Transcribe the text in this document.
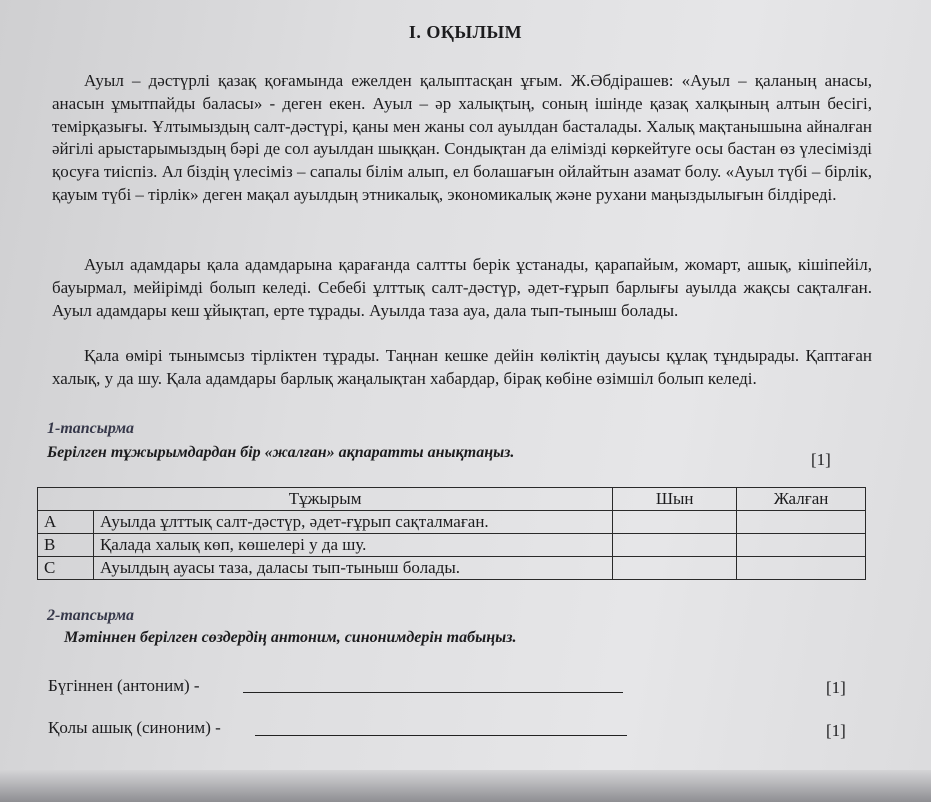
I. ОҚЫЛЫМ

Ауыл – дәстүрлі қазақ қоғамында ежелден қалыптасқан ұғым. Ж.Әбдірашев: «Ауыл – қаланың анасы, анасын ұмытпайды баласы» - деген екен. Ауыл – әр халықтың, соның ішінде қазақ халқының алтын бесігі, темірқазығы. Ұлтымыздың салт-дәстүрі, қаны мен жаны сол ауылдан басталады. Халық мақтанышына айналған әйгілі арыстарымыздың бәрі де сол ауылдан шыққан. Сондықтан да елімізді көркейтуге осы бастан өз үлесімізді қосуға тиіспіз. Ал біздің үлесіміз – сапалы білім алып, ел болашағын ойлайтын азамат болу. «Ауыл түбі – бірлік, қауым түбі – тірлік» деген мақал ауылдың этникалық, экономикалық және рухани маңыздылығын білдіреді.

Ауыл адамдары қала адамдарына қарағанда салтты берік ұстанады, қарапайым, жомарт, ашық, кішіпейіл, бауырмал, мейірімді болып келеді. Себебі ұлттық салт-дәстүр, әдет-ғұрып барлығы ауылда жақсы сақталған. Ауыл адамдары кеш ұйықтап, ерте тұрады. Ауылда таза ауа, дала тып-тыныш болады.

Қала өмірі тынымсыз тірліктен тұрады. Таңнан кешке дейін көліктің дауысы құлақ тұндырады. Қаптаған халық, у да шу. Қала адамдары барлық жаңалықтан хабардар, бірақ көбіне өзімшіл болып келеді.

1-тапсырма
Берілген тұжырымдардан бір «жалған» ақпаратты анықтаңыз.	[1]
Тұжырым		Шын	Жалған
A	Ауылда ұлттық салт-дәстүр, әдет-ғұрып сақталмаған.		
B	Қалада халық көп, көшелері у да шу.		
C	Ауылдың ауасы таза, даласы тып-тыныш болады.		
2-тапсырма
Мәтіннен берілген сөздердің антоним, синонимдерін табыңыз.
Бүгіннен (антоним) -	[1]
Қолы ашық (синоним) -	[1]
